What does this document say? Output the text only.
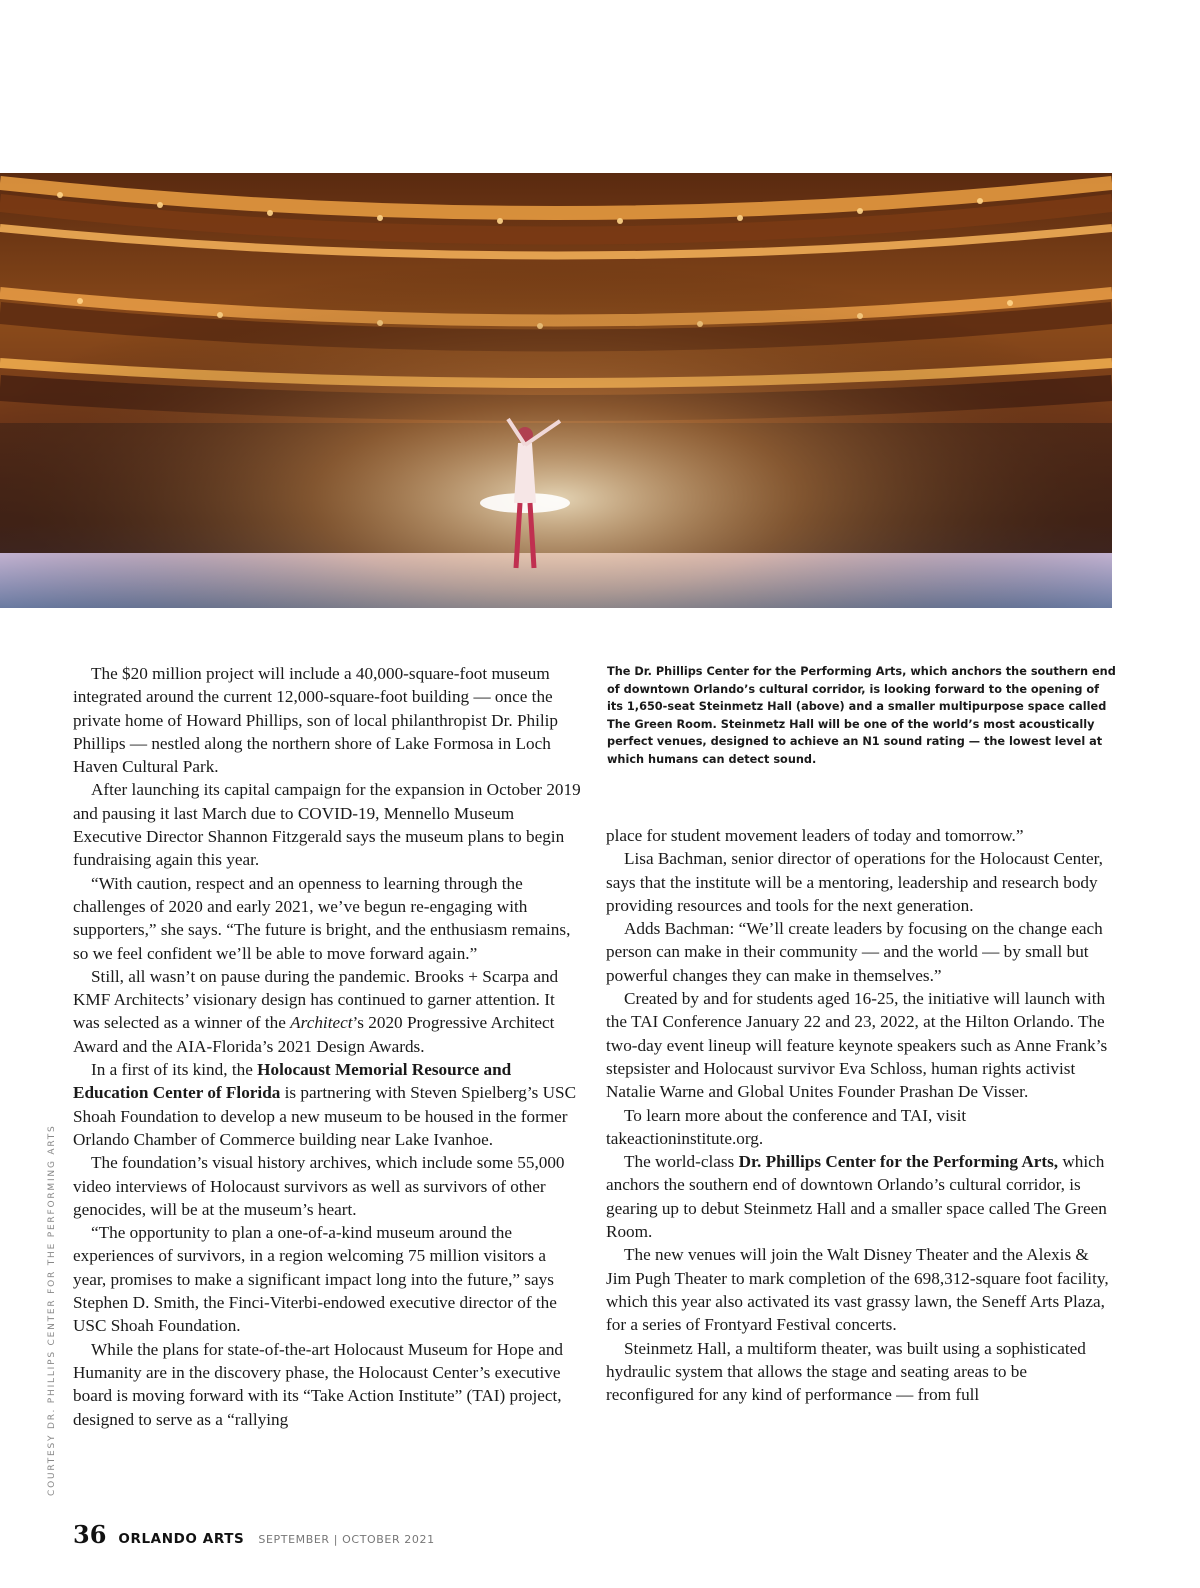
COURTESY DR. PHILLIPS CENTER FOR THE PERFORMING ARTS

The $20 million project will include a 40,000-square-foot museum integrated around the current 12,000-square-foot building — once the private home of Howard Phillips, son of local philanthropist Dr. Philip Phillips — nestled along the northern shore of Lake Formosa in Loch Haven Cultural Park.

After launching its capital campaign for the expansion in October 2019 and pausing it last March due to COVID-19, Mennello Museum Executive Director Shannon Fitzgerald says the museum plans to begin fundraising again this year.

“With caution, respect and an openness to learning through the challenges of 2020 and early 2021, we’ve begun re-engaging with supporters,” she says. “The future is bright, and the enthusiasm remains, so we feel confident we’ll be able to move forward again.”

Still, all wasn’t on pause during the pandemic. Brooks + Scarpa and KMF Architects’ visionary design has continued to garner attention. It was selected as a winner of the Architect’s 2020 Progressive Architect Award and the AIA-Florida’s 2021 Design Awards.

In a first of its kind, the Holocaust Memorial Resource and Education Center of Florida is partnering with Steven Spielberg’s USC Shoah Foundation to develop a new museum to be housed in the former Orlando Chamber of Commerce building near Lake Ivanhoe.

The foundation’s visual history archives, which include some 55,000 video interviews of Holocaust survivors as well as survivors of other genocides, will be at the museum’s heart.

“The opportunity to plan a one-of-a-kind museum around the experiences of survivors, in a region welcoming 75 million visitors a year, promises to make a significant impact long into the future,” says Stephen D. Smith, the Finci-Viterbi-endowed executive director of the USC Shoah Foundation.

While the plans for state-of-the-art Holocaust Museum for Hope and Humanity are in the discovery phase, the Holocaust Center’s executive board is moving forward with its “Take Action Institute” (TAI) project, designed to serve as a “rallying

The Dr. Phillips Center for the Performing Arts, which anchors the southern end of downtown Orlando’s cultural corridor, is looking forward to the opening of its 1,650-seat Steinmetz Hall (above) and a smaller multipurpose space called The Green Room. Steinmetz Hall will be one of the world’s most acoustically perfect venues, designed to achieve an N1 sound rating — the lowest level at which humans can detect sound.

place for student movement leaders of today and tomorrow.”

Lisa Bachman, senior director of operations for the Holocaust Center, says that the institute will be a mentoring, leadership and research body providing resources and tools for the next generation.

Adds Bachman: “We’ll create leaders by focusing on the change each person can make in their community — and the world — by small but powerful changes they can make in themselves.”

Created by and for students aged 16-25, the initiative will launch with the TAI Conference January 22 and 23, 2022, at the Hilton Orlando. The two-day event lineup will feature keynote speakers such as Anne Frank’s stepsister and Holocaust survivor Eva Schloss, human rights activist Natalie Warne and Global Unites Founder Prashan De Visser.

To learn more about the conference and TAI, visit takeactioninstitute.org.

The world-class Dr. Phillips Center for the Performing Arts, which anchors the southern end of downtown Orlando’s cultural corridor, is gearing up to debut Steinmetz Hall and a smaller space called The Green Room.

The new venues will join the Walt Disney Theater and the Alexis & Jim Pugh Theater to mark completion of the 698,312-square foot facility, which this year also activated its vast grassy lawn, the Seneff Arts Plaza, for a series of Frontyard Festival concerts.

Steinmetz Hall, a multiform theater, was built using a sophisticated hydraulic system that allows the stage and seating areas to be reconfigured for any kind of performance — from full

36 ORLANDO ARTS SEPTEMBER | OCTOBER 2021
